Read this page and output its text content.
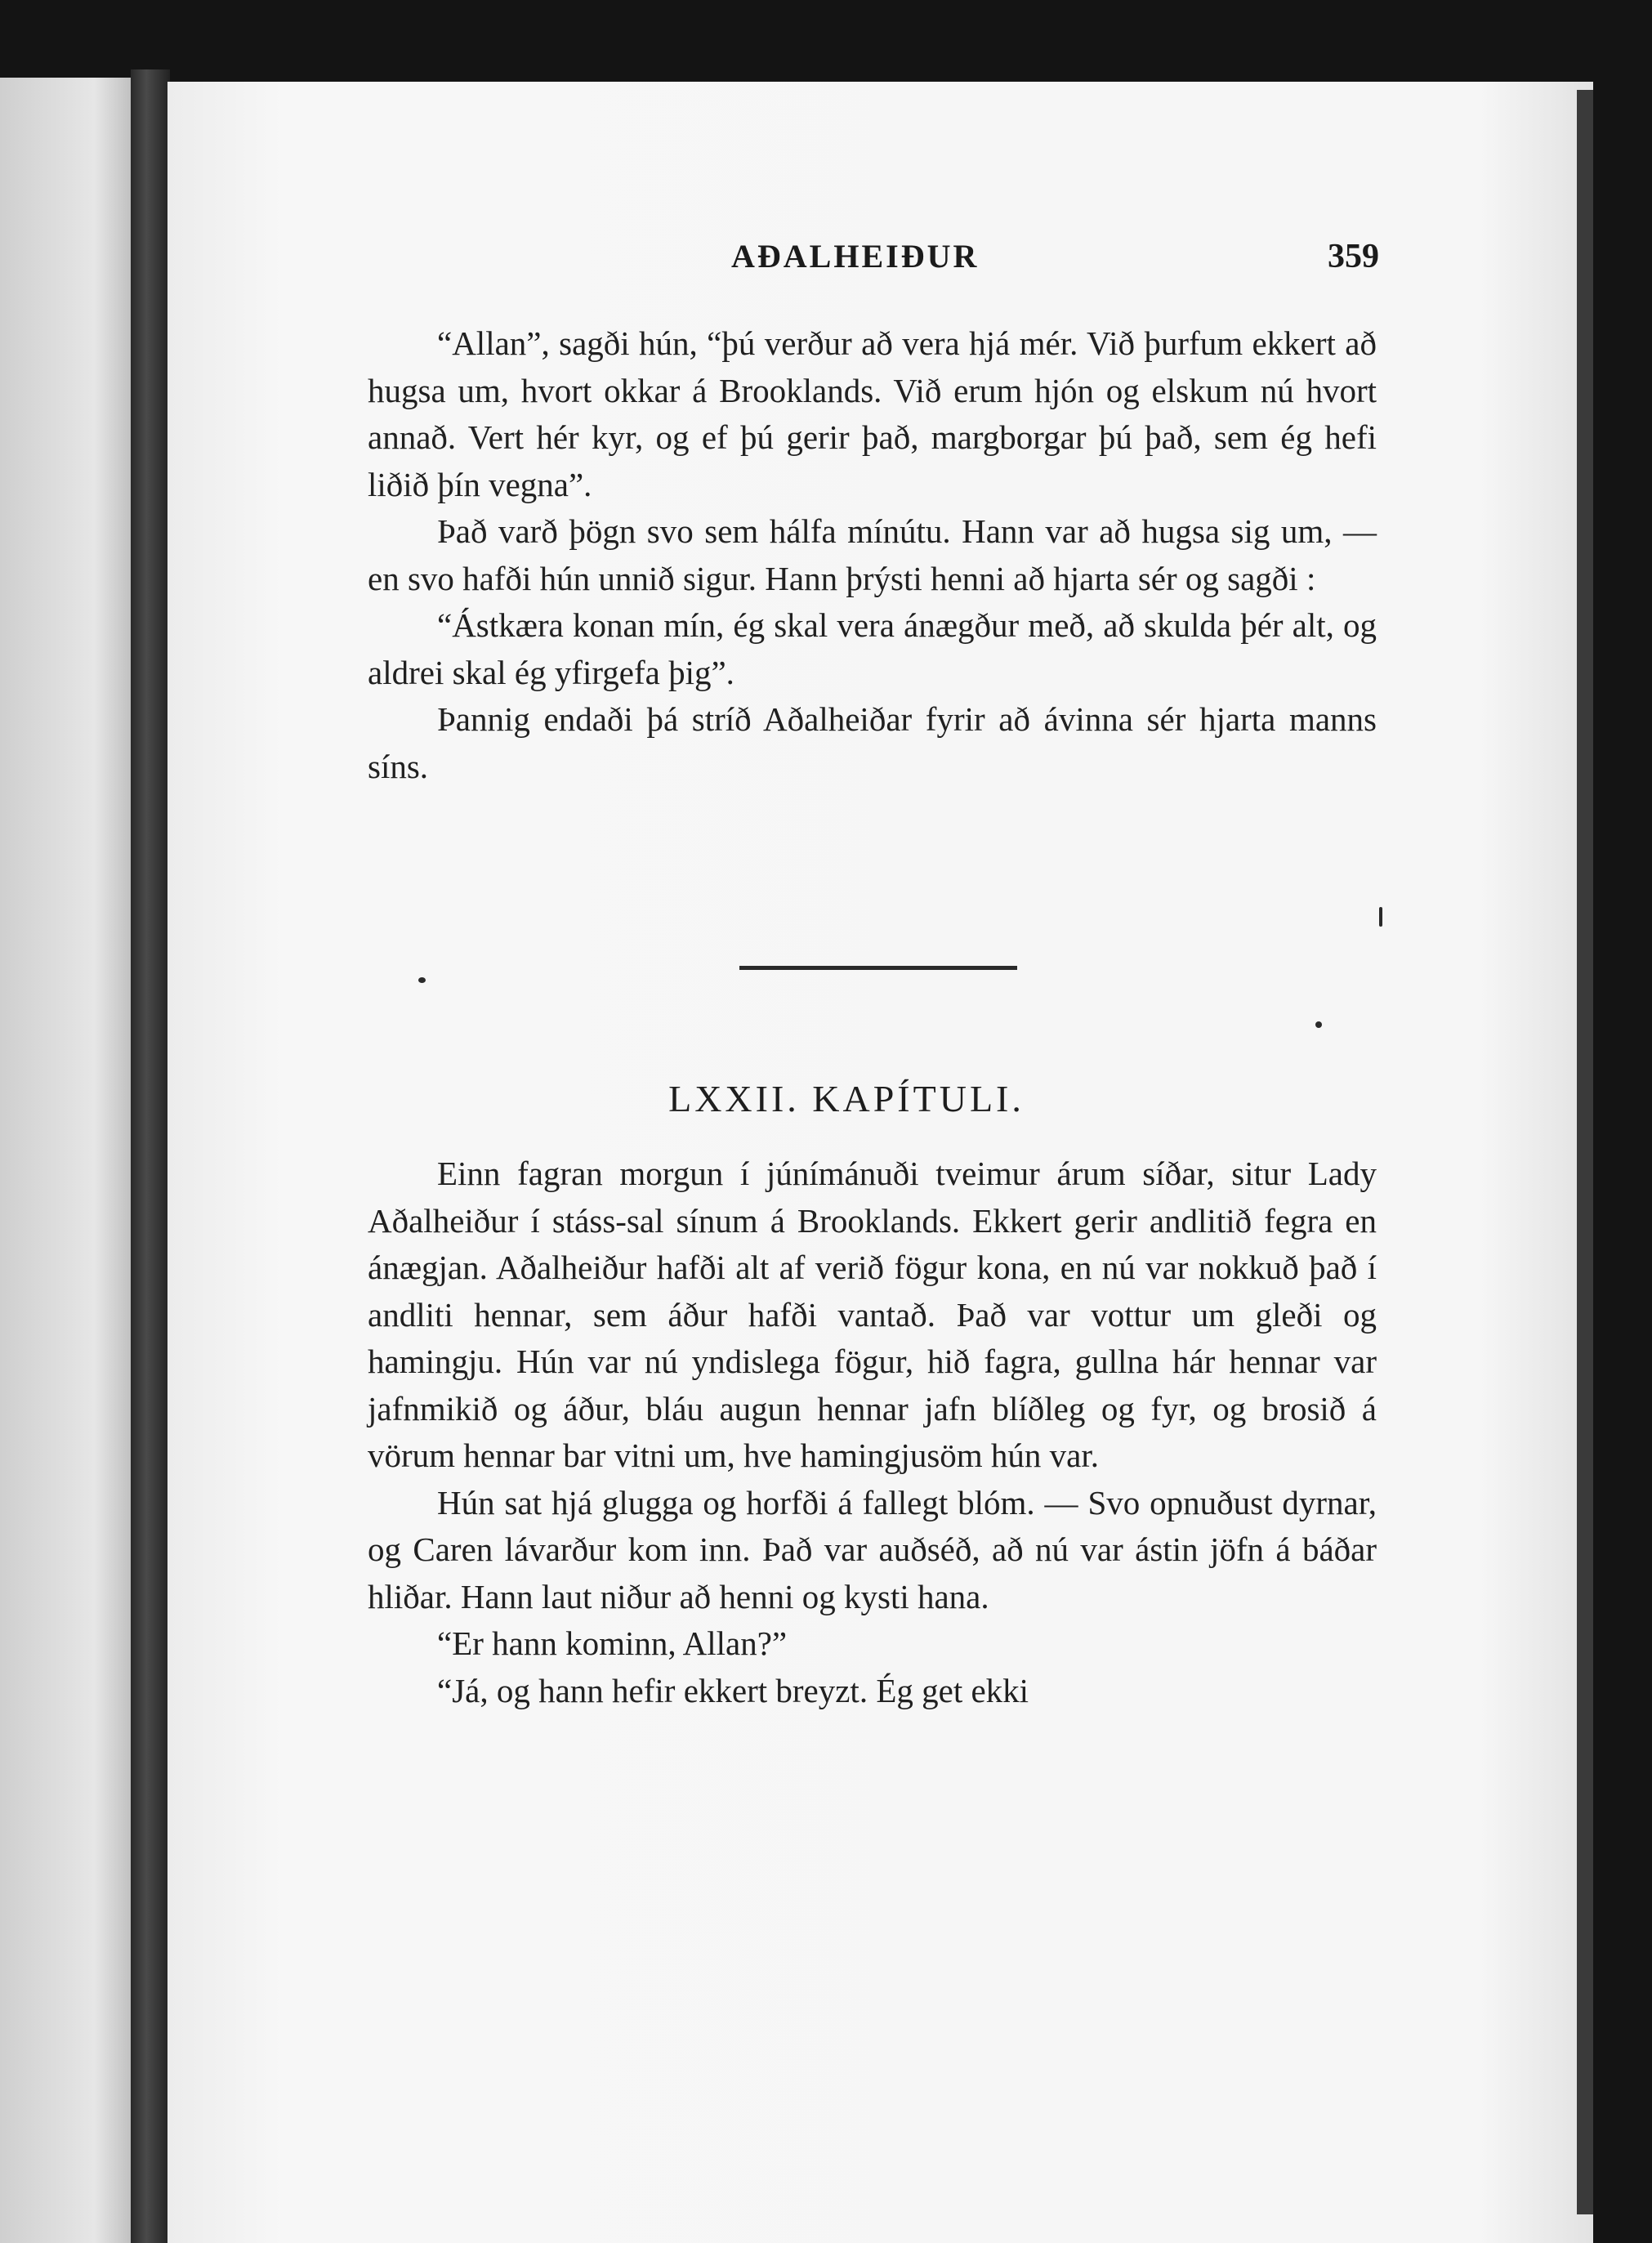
AÐALHEIÐUR	359

“Allan”, sagði hún, “þú verður að vera hjá mér. Við þurfum ekkert að hugsa um, hvort okkar á Brooklands. Við erum hjón og elskum nú hvort annað. Vert hér kyr, og ef þú gerir það, margborgar þú það, sem ég hefi liðið þín vegna”.

Það varð þögn svo sem hálfa mínútu. Hann var að hugsa sig um, — en svo hafði hún unnið sigur. Hann þrýsti henni að hjarta sér og sagði :

“Ástkæra konan mín, ég skal vera ánægður með, að skulda þér alt, og aldrei skal ég yfirgefa þig”.

Þannig endaði þá stríð Aðalheiðar fyrir að ávinna sér hjarta manns síns.

LXXII. KAPÍTULI.

Einn fagran morgun í júnímánuði tveimur árum síðar, situr Lady Aðalheiður í stáss-sal sínum á Brooklands. Ekkert gerir andlitið fegra en ánægjan. Aðalheiður hafði alt af verið fögur kona, en nú var nokkuð það í andliti hennar, sem áður hafði vantað. Það var vottur um gleði og hamingju. Hún var nú yndislega fögur, hið fagra, gullna hár hennar var jafnmikið og áður, bláu augun hennar jafn blíðleg og fyr, og brosið á vörum hennar bar vitni um, hve hamingjusöm hún var.

Hún sat hjá glugga og horfði á fallegt blóm. — Svo opnuðust dyrnar, og Caren lávarður kom inn. Það var auðséð, að nú var ástin jöfn á báðar hliðar. Hann laut niður að henni og kysti hana.

“Er hann kominn, Allan?”

“Já, og hann hefir ekkert breyzt. Ég get ekki
